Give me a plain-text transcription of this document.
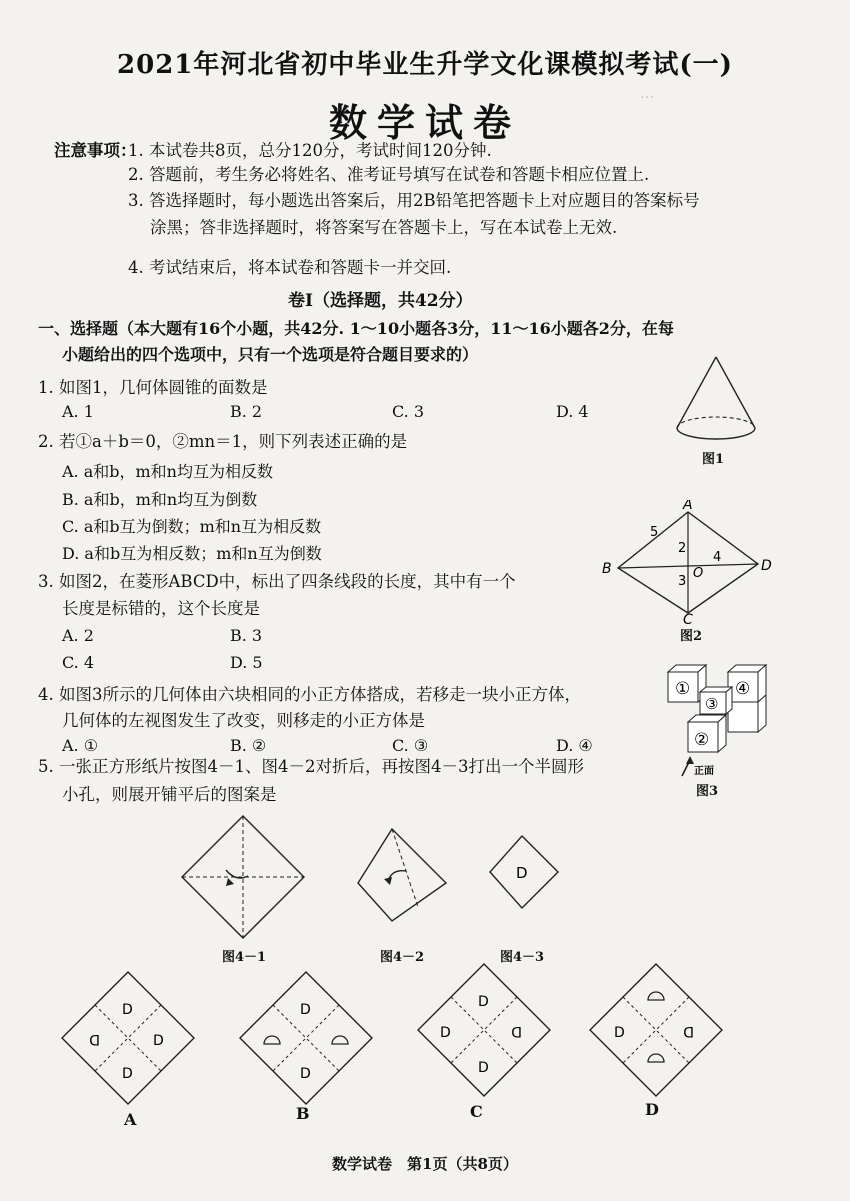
···
2021年河北省初中毕业生升学文化课模拟考试(一)
数学试卷
注意事项：
1. 本试卷共8页，总分120分，考试时间120分钟.
2. 答题前，考生务必将姓名、准考证号填写在试卷和答题卡相应位置上.
3. 答选择题时，每小题选出答案后，用2B铅笔把答题卡上对应题目的答案标号
涂黑；答非选择题时，将答案写在答题卡上，写在本试卷上无效.
4. 考试结束后，将本试卷和答题卡一并交回.
卷Ⅰ（选择题，共42分）
一、选择题（本大题有16个小题，共42分. 1～10小题各3分，11～16小题各2分，在每
小题给出的四个选项中，只有一个选项是符合题目要求的）
1. 如图1，几何体圆锥的面数是
A. 1	B. 2	C. 3	D. 4
图1
2. 若①a＋b＝0，②mn＝1，则下列表述正确的是
A. a和b，m和n均互为相反数
B. a和b，m和n均互为倒数
C. a和b互为倒数；m和n互为相反数
D. a和b互为相反数；m和n互为倒数
A
B
C
D
O
5
2
4
3
图2
3. 如图2，在菱形ABCD中，标出了四条线段的长度，其中有一个
长度是标错的，这个长度是
A. 2	B. 3
C. 4	D. 5
4. 如图3所示的几何体由六块相同的小正方体搭成，若移走一块小正方体，
几何体的左视图发生了改变，则移走的小正方体是
A. ①	B. ②	C. ③	D. ④
①
②
③
④
正面
图3
5. 一张正方形纸片按图4－1、图4－2对折后，再按图4－3打出一个半圆形
小孔，则展开铺平后的图案是
图4－1	图4－2
D
图4－3
D
D	D
D
A
D
D
B
D
D	D
D
C
D	D
D
数学试卷　第1页（共8页）
